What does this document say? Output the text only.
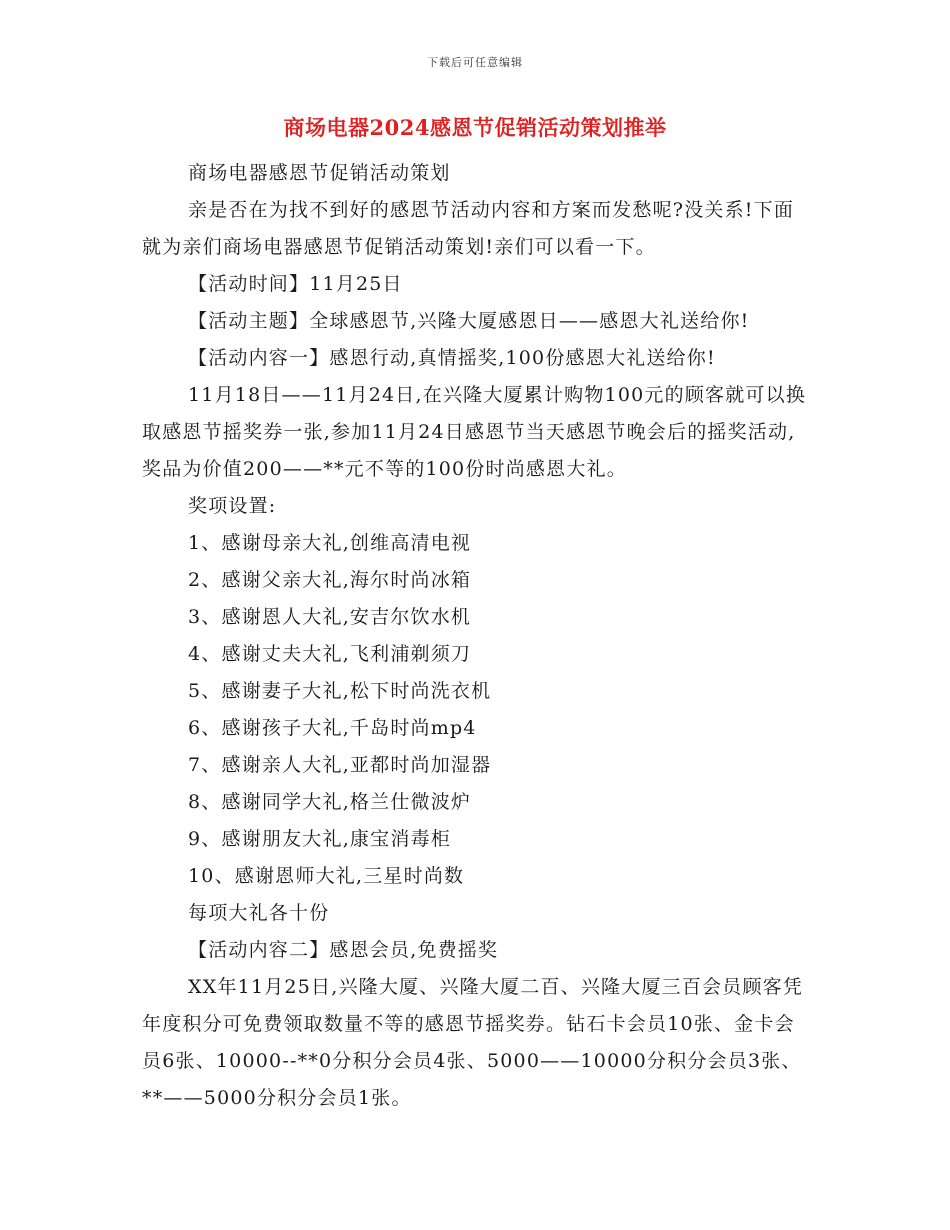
下载后可任意编辑
商场电器2024感恩节促销活动策划推举

商场电器感恩节促销活动策划

亲是否在为找不到好的感恩节活动内容和方案而发愁呢?没关系!下面就为亲们商场电器感恩节促销活动策划!亲们可以看一下。

【活动时间】11月25日

【活动主题】全球感恩节,兴隆大厦感恩日——感恩大礼送给你!

【活动内容一】感恩行动,真情摇奖,100份感恩大礼送给你!

11月18日——11月24日,在兴隆大厦累计购物100元的顾客就可以换取感恩节摇奖券一张,参加11月24日感恩节当天感恩节晚会后的摇奖活动,奖品为价值200——**元不等的100份时尚感恩大礼。

奖项设置:

1、感谢母亲大礼,创维高清电视

2、感谢父亲大礼,海尔时尚冰箱

3、感谢恩人大礼,安吉尔饮水机

4、感谢丈夫大礼,飞利浦剃须刀

5、感谢妻子大礼,松下时尚洗衣机

6、感谢孩子大礼,千岛时尚mp4

7、感谢亲人大礼,亚都时尚加湿器

8、感谢同学大礼,格兰仕微波炉

9、感谢朋友大礼,康宝消毒柜

10、感谢恩师大礼,三星时尚数

每项大礼各十份

【活动内容二】感恩会员,免费摇奖

XX年11月25日,兴隆大厦、兴隆大厦二百、兴隆大厦三百会员顾客凭年度积分可免费领取数量不等的感恩节摇奖券。钻石卡会员10张、金卡会员6张、10000--**0分积分会员4张、5000——10000分积分会员3张、**——5000分积分会员1张。
